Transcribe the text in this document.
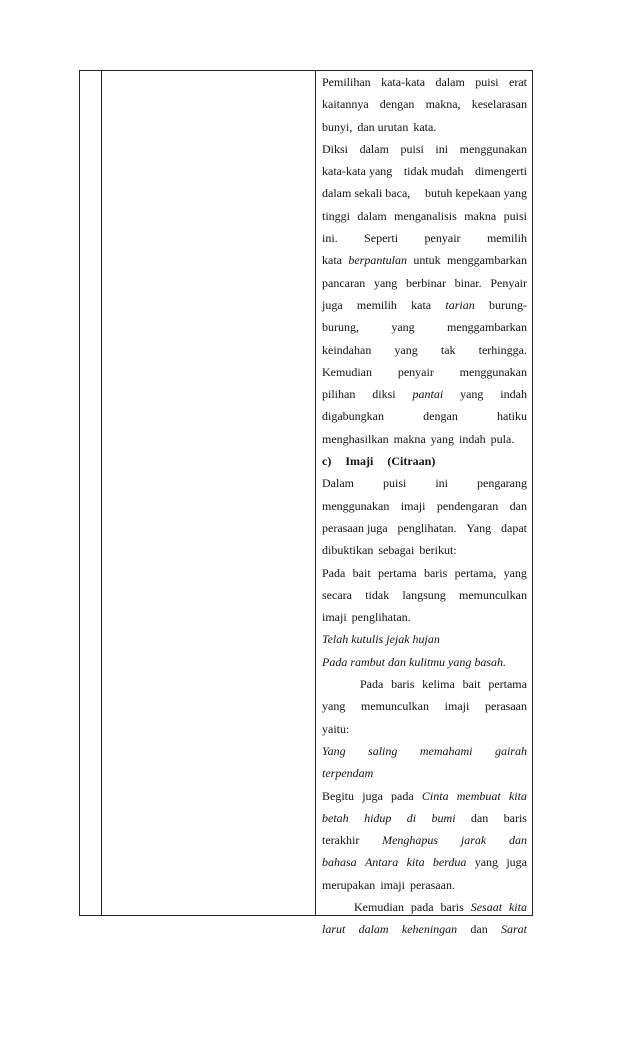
Pemilihan kata-kata dalam puisi erat
kaitannya dengan makna, keselarasan
bunyi, dan urutan kata.
Diksi dalam puisi ini menggunakan
kata-kata yang tidak mudah dimengerti
dalam sekali baca, butuh kepekaan yang
tinggi dalam menganalisis makna puisi
ini. Seperti penyair memilih
kata berpantulan untuk menggambarkan
pancaran yang berbinar binar. Penyair
juga memilih kata tarian burung-
burung,	yang	menggambarkan
keindahan yang tak terhingga.
Kemudian penyair menggunakan
pilihan diksi pantai yang indah
digabungkan	dengan	hatiku
menghasilkan makna yang indah pula.
c) Imaji (Citraan)
Dalam puisi ini pengarang
menggunakan imaji pendengaran dan
perasaan juga penglihatan. Yang dapat
dibuktikan sebagai berikut:
Pada bait pertama baris pertama, yang
secara tidak langsung memunculkan
imaji penglihatan.
Telah kutulis jejak hujan
Pada rambut dan kulitmu yang basah.
Pada baris kelima bait pertama
yang memunculkan imaji perasaan
yaitu:
Yang saling memahami gairah
terpendam
Begitu juga pada Cinta membuat kita
betah hidup di bumi dan baris
terakhir Menghapus jarak dan
bahasa Antara kita berdua yang juga
merupakan imaji perasaan.
Kemudian pada baris Sesaat kita
larut dalam keheningan dan Sarat
